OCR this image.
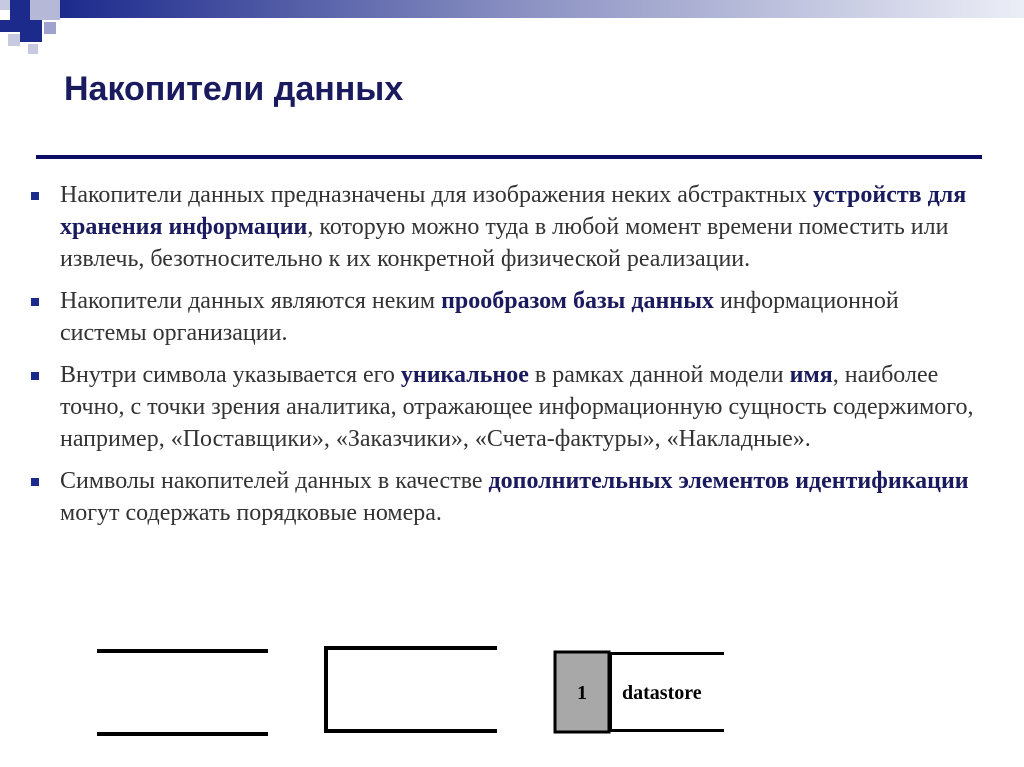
Накопители данных
Накопители данных предназначены для изображения неких абстрактных устройств для хранения информации, которую можно туда в любой момент времени поместить или извлечь, безотносительно к их конкретной физической реализации.
Накопители данных являются неким прообразом базы данных информационной системы организации.
Внутри символа указывается его уникальное в рамках данной модели имя, наиболее точно, с точки зрения аналитика, отражающее информационную сущность содержимого, например, «Поставщики», «Заказчики», «Счета-фактуры», «Накладные».
Символы накопителей данных в качестве дополнительных элементов идентификации могут содержать порядковые номера.
1 datastore
